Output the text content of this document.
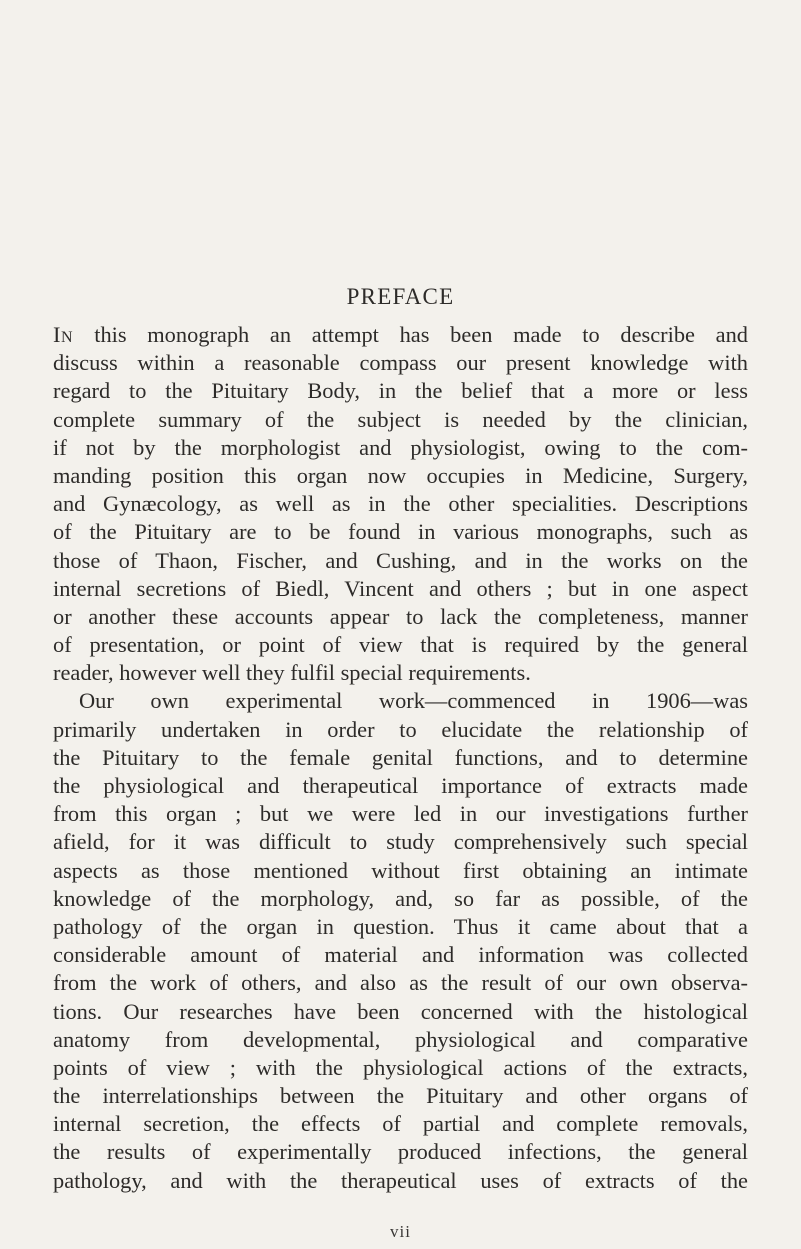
PREFACE
IN this monograph an attempt has been made to describe and
discuss within a reasonable compass our present knowledge with
regard to the Pituitary Body, in the belief that a more or less
complete summary of the subject is needed by the clinician,
if not by the morphologist and physiologist, owing to the com-
manding position this organ now occupies in Medicine, Surgery,
and Gynæcology, as well as in the other specialities. Descriptions
of the Pituitary are to be found in various monographs, such as
those of Thaon, Fischer, and Cushing, and in the works on the
internal secretions of Biedl, Vincent and others ; but in one aspect
or another these accounts appear to lack the completeness, manner
of presentation, or point of view that is required by the general
reader, however well they fulfil special requirements.
Our own experimental work—commenced in 1906—was
primarily undertaken in order to elucidate the relationship of
the Pituitary to the female genital functions, and to determine
the physiological and therapeutical importance of extracts made
from this organ ; but we were led in our investigations further
afield, for it was difficult to study comprehensively such special
aspects as those mentioned without first obtaining an intimate
knowledge of the morphology, and, so far as possible, of the
pathology of the organ in question. Thus it came about that a
considerable amount of material and information was collected
from the work of others, and also as the result of our own observa-
tions. Our researches have been concerned with the histological
anatomy from developmental, physiological and comparative
points of view ; with the physiological actions of the extracts,
the interrelationships between the Pituitary and other organs of
internal secretion, the effects of partial and complete removals,
the results of experimentally produced infections, the general
pathology, and with the therapeutical uses of extracts of the
vii
